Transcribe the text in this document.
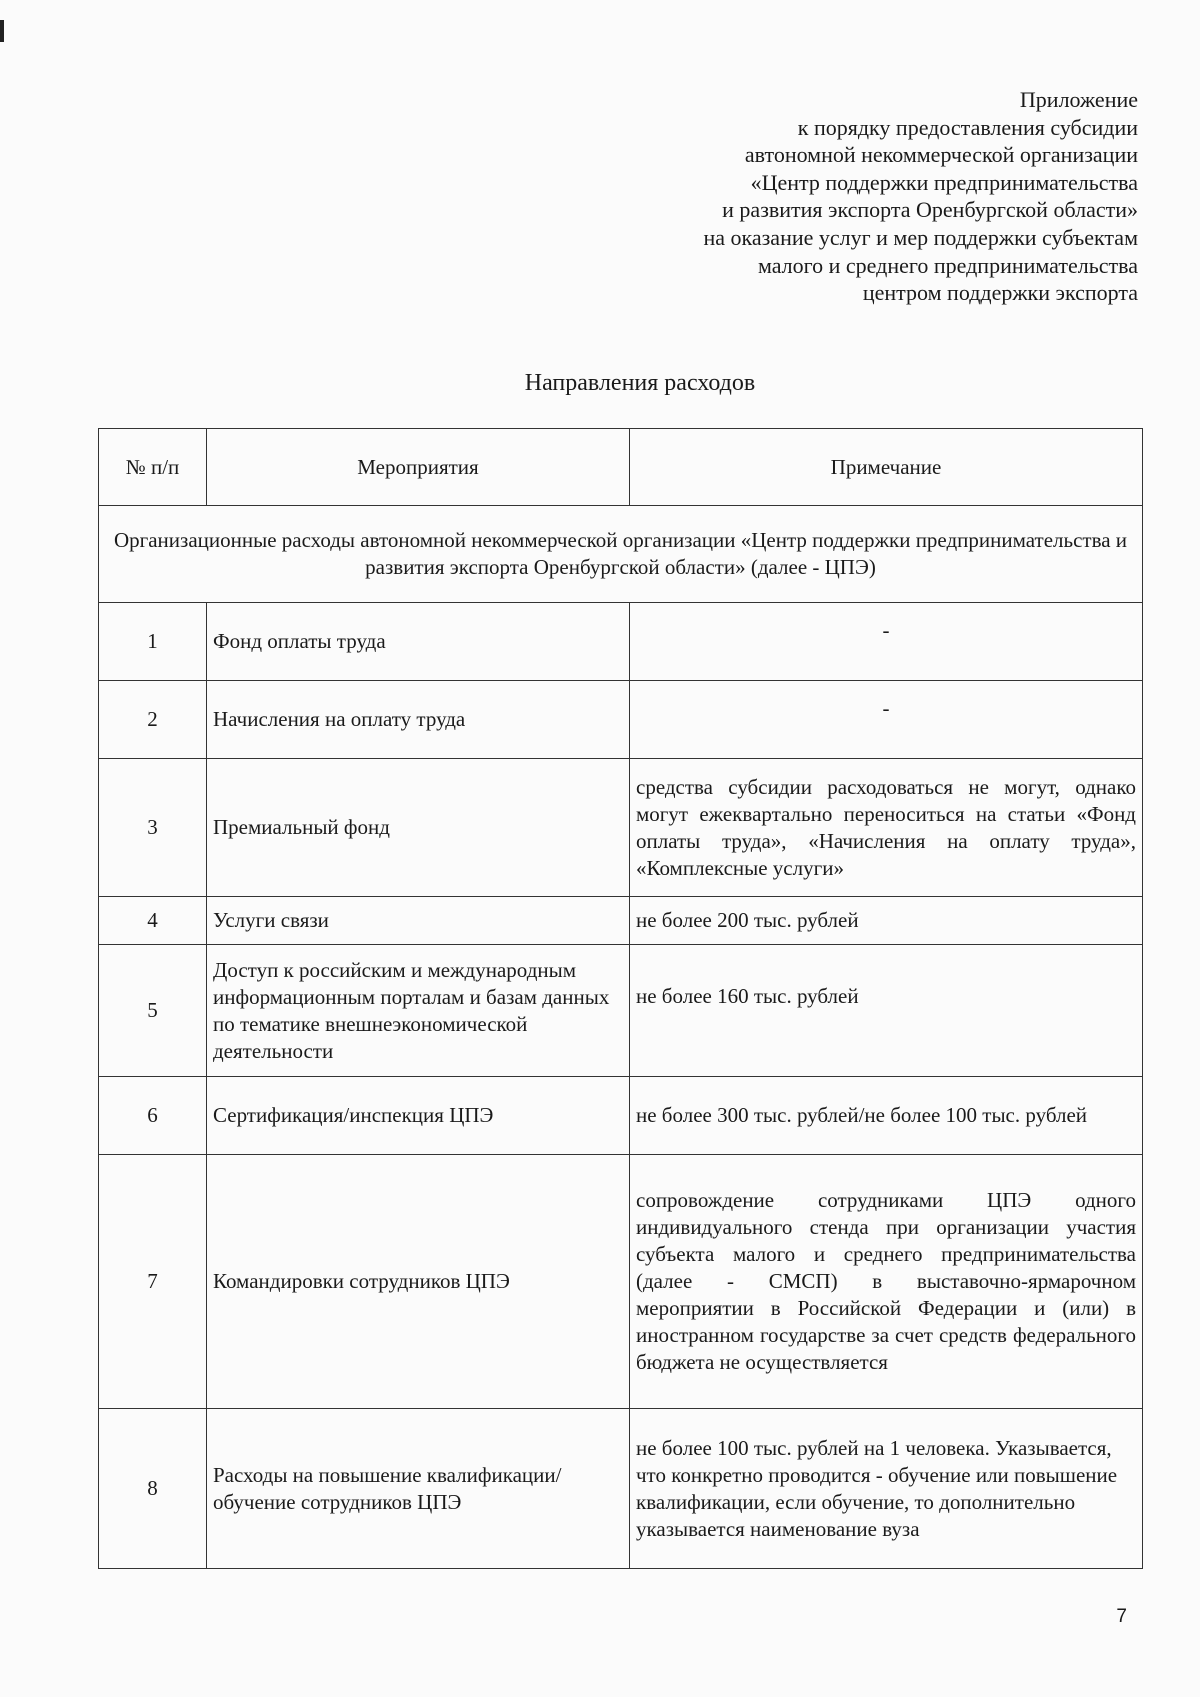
Приложение
к порядку предоставления субсидии
автономной некоммерческой организации
«Центр поддержки предпринимательства
и развития экспорта Оренбургской области»
на оказание услуг и мер поддержки субъектам
малого и среднего предпринимательства
центром поддержки экспорта
Направления расходов
№ п/п	Мероприятия	Примечание
Организационные расходы автономной некоммерческой организации «Центр поддержки предпринимательства и развития экспорта Оренбургской области» (далее - ЦПЭ)		
1	Фонд оплаты труда	-
2	Начисления на оплату труда	-
3	Премиальный фонд	средства субсидии расходоваться не могут, однако могут ежеквартально переноситься на статьи «Фонд оплаты труда», «Начисления на оплату труда», «Комплексные услуги»
4	Услуги связи	не более 200 тыс. рублей
5	Доступ к российским и международным информационным порталам и базам данных по тематике внешнеэкономической деятельности	не более 160 тыс. рублей
6	Сертификация/инспекция ЦПЭ	не более 300 тыс. рублей/не более 100 тыс. рублей
7	Командировки сотрудников ЦПЭ	сопровождение сотрудниками ЦПЭ одного индивидуального стенда при организации участия субъекта малого и среднего предпринимательства (далее - СМСП) в выставочно-ярмарочном мероприятии в Российской Федерации и (или) в иностранном государстве за счет средств федерального бюджета не осуществляется
8	Расходы на повышение квалификации/обучение сотрудников ЦПЭ	не более 100 тыс. рублей на 1 человека. Указывается, что конкретно проводится - обучение или повышение квалификации, если обучение, то дополнительно указывается наименование вуза
7
